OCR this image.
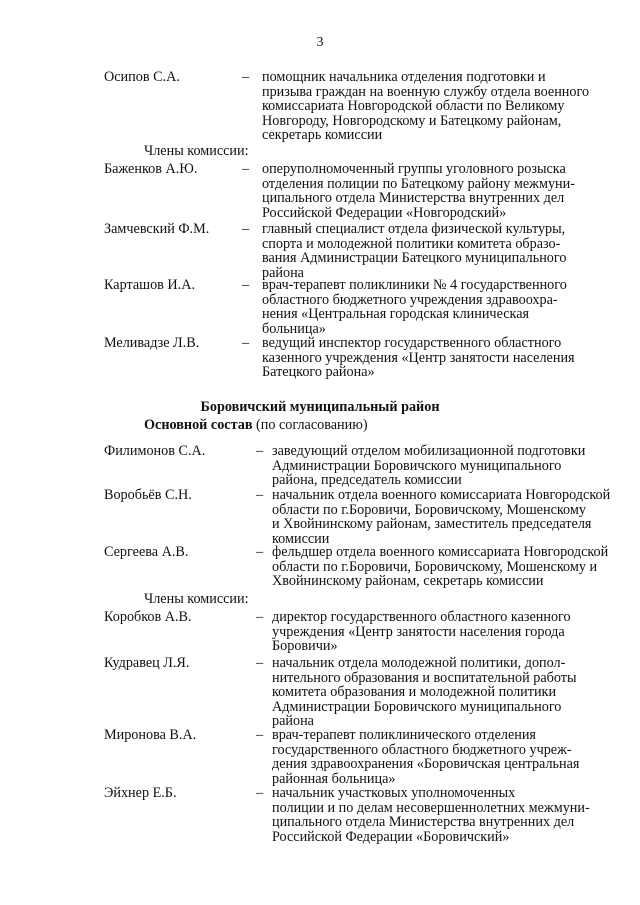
3
Осипов С.А.	– помощник начальника отделения подготовки и
призыва граждан на военную службу отдела военного
комиссариата Новгородской области по Великому
Новгороду, Новгородскому и Батецкому районам,
секретарь комиссии
Члены комиссии:
Баженков А.Ю.	– оперуполномоченный группы уголовного розыска
отделения полиции по Батецкому району межмуни-
ципального отдела Министерства внутренних дел
Российской Федерации «Новгородский»
Замчевский Ф.М. – главный специалист отдела физической культуры,
спорта и молодежной политики комитета образо-
вания Администрации Батецкого муниципального
района
Карташов И.А.	– врач-терапевт поликлиники № 4 государственного
областного бюджетного учреждения здравоохра-
нения «Центральная городская клиническая
больница»
Меливадзе Л.В.	– ведущий инспектор государственного областного
казенного учреждения «Центр занятости населения
Батецкого района»
Боровичский муниципальный район
Основной состав (по согласованию)
Филимонов С.А.	– заведующий отделом мобилизационной подготовки
Администрации Боровичского муниципального
района, председатель комиссии
Воробьёв С.Н.	– начальник отдела военного комиссариата Новгородской
области по г.Боровичи, Боровичскому, Мошенскому
и Хвойнинскому районам, заместитель председателя
комиссии
Сергеева А.В.	– фельдшер отдела военного комиссариата Новгородской
области по г.Боровичи, Боровичскому, Мошенскому и
Хвойнинскому районам, секретарь комиссии
Члены комиссии:
Коробков А.В.	– директор государственного областного казенного
учреждения «Центр занятости населения города
Боровичи»
Кудравец Л.Я.	– начальник отдела молодежной политики, допол-
нительного образования и воспитательной работы
комитета образования и молодежной политики
Администрации Боровичского муниципального
района
Миронова В.А.	– врач-терапевт поликлинического отделения
государственного областного бюджетного учреж-
дения здравоохранения «Боровичская центральная
районная больница»
Эйхнер Е.Б.	– начальник участковых уполномоченных
полиции и по делам несовершеннолетних межмуни-
ципального отдела Министерства внутренних дел
Российской Федерации «Боровичский»
